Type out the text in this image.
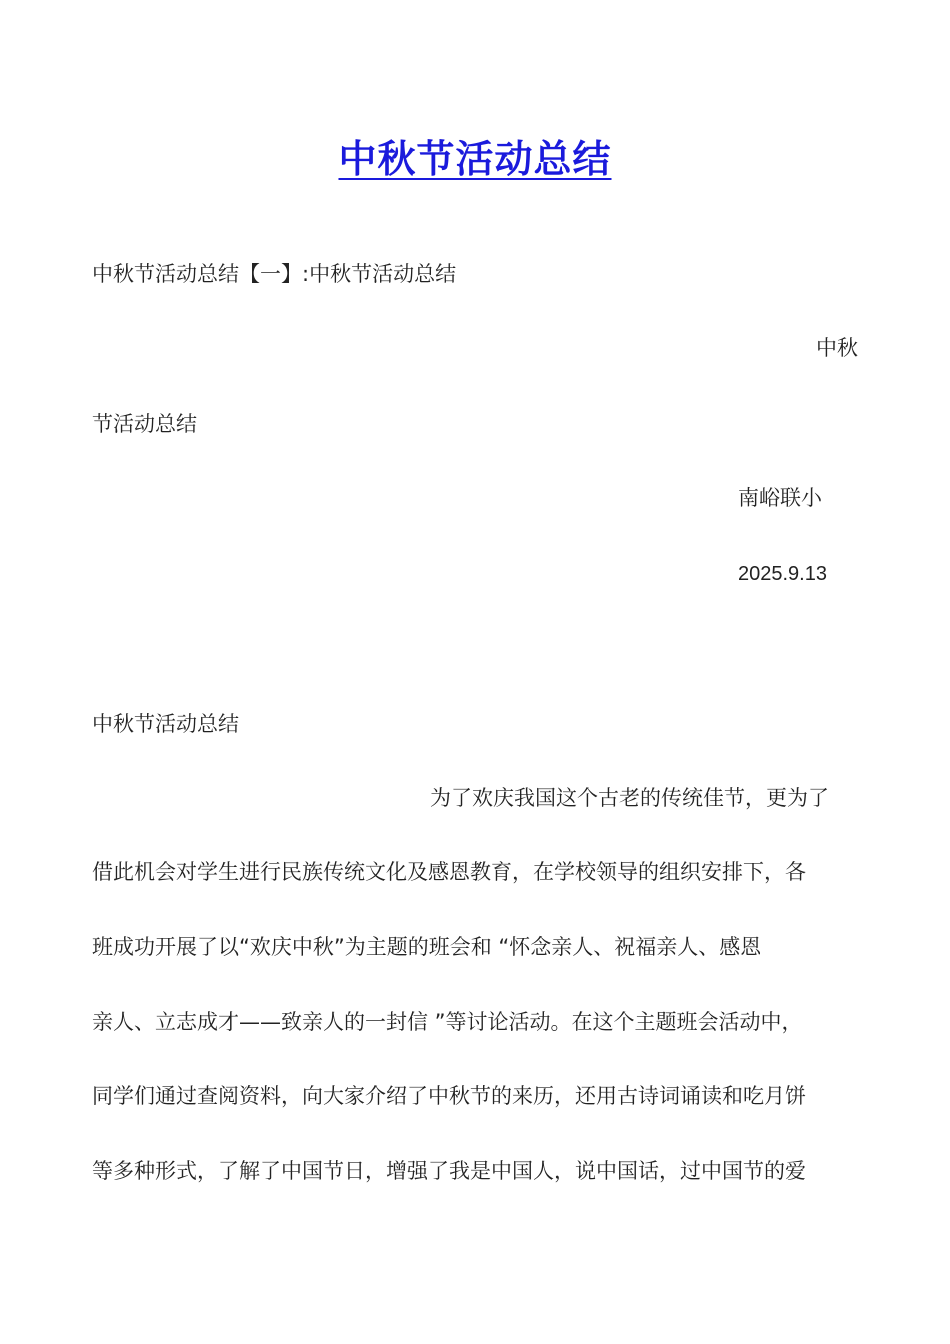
中秋节活动总结
中秋节活动总结【一】:中秋节活动总结
中秋
节活动总结
南峪联小
2025.9.13
中秋节活动总结
为了欢庆我国这个古老的传统佳节，更为了
借此机会对学生进行民族传统文化及感恩教育，在学校领导的组织安排下，各
班成功开展了以“欢庆中秋”为主题的班会和 “怀念亲人、祝福亲人、感恩
亲人、立志成才——致亲人的一封信 ”等讨论活动。在这个主题班会活动中，
同学们通过查阅资料，向大家介绍了中秋节的来历，还用古诗词诵读和吃月饼
等多种形式，了解了中国节日，增强了我是中国人，说中国话，过中国节的爱
